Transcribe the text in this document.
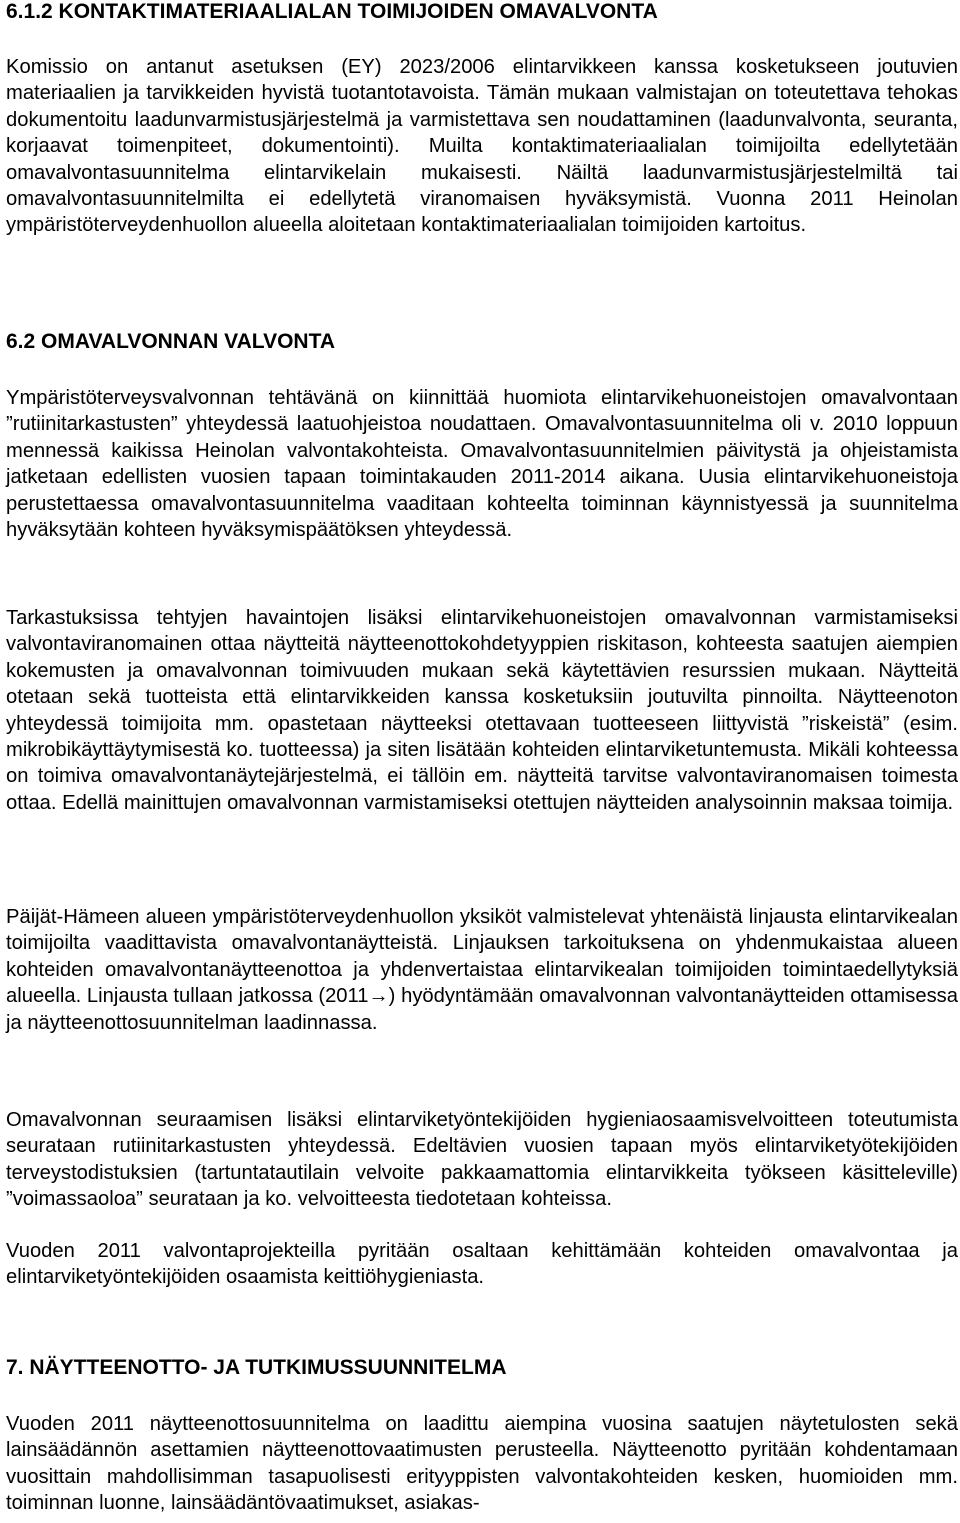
6.1.2 KONTAKTIMATERIAALIALAN TOIMIJOIDEN OMAVALVONTA

Komissio on antanut asetuksen (EY) 2023/2006 elintarvikkeen kanssa kosketukseen joutuvien materiaalien ja tarvikkeiden hyvistä tuotantotavoista. Tämän mukaan valmistajan on toteutettava tehokas dokumentoitu laadunvarmistusjärjestelmä ja varmistettava sen noudattaminen (laadunvalvonta, seuranta, korjaavat toimenpiteet, dokumentointi). Muilta kontaktimateriaalialan toimijoilta edellytetään omavalvontasuunnitelma elintarvikelain mukaisesti. Näiltä laadunvarmistusjärjestelmiltä tai omavalvontasuunnitelmilta ei edellytetä viranomaisen hyväksymistä. Vuonna 2011 Heinolan ympäristöterveydenhuollon alueella aloitetaan kontaktimateriaalialan toimijoiden kartoitus.

6.2 OMAVALVONNAN VALVONTA

Ympäristöterveysvalvonnan tehtävänä on kiinnittää huomiota elintarvikehuoneistojen omavalvontaan ”rutiinitarkastusten” yhteydessä laatuohjeistoa noudattaen. Omavalvontasuunnitelma oli v. 2010 loppuun mennessä kaikissa Heinolan valvontakohteista. Omavalvontasuunnitelmien päivitystä ja ohjeistamista jatketaan edellisten vuosien tapaan toimintakauden 2011-2014 aikana. Uusia elintarvikehuoneistoja perustettaessa omavalvontasuunnitelma vaaditaan kohteelta toiminnan käynnistyessä ja suunnitelma hyväksytään kohteen hyväksymispäätöksen yhteydessä.

Tarkastuksissa tehtyjen havaintojen lisäksi elintarvikehuoneistojen omavalvonnan varmistamiseksi valvontaviranomainen ottaa näytteitä näytteenottokohdetyyppien riskitason, kohteesta saatujen aiempien kokemusten ja omavalvonnan toimivuuden mukaan sekä käytettävien resurssien mukaan. Näytteitä otetaan sekä tuotteista että elintarvikkeiden kanssa kosketuksiin joutuvilta pinnoilta. Näytteenoton yhteydessä toimijoita mm. opastetaan näytteeksi otettavaan tuotteeseen liittyvistä ”riskeistä” (esim. mikrobikäyttäytymisestä ko. tuotteessa) ja siten lisätään kohteiden elintarviketuntemusta. Mikäli kohteessa on toimiva omavalvontanäytejärjestelmä, ei tällöin em. näytteitä tarvitse valvontaviranomaisen toimesta ottaa. Edellä mainittujen omavalvonnan varmistamiseksi otettujen näytteiden analysoinnin maksaa toimija.

Päijät-Hämeen alueen ympäristöterveydenhuollon yksiköt valmistelevat yhtenäistä linjausta elintarvikealan toimijoilta vaadittavista omavalvontanäytteistä. Linjauksen tarkoituksena on yhdenmukaistaa alueen kohteiden omavalvontanäytteenottoa ja yhdenvertaistaa elintarvikealan toimijoiden toimintaedellytyksiä alueella. Linjausta tullaan jatkossa (2011→) hyödyntämään omavalvonnan valvontanäytteiden ottamisessa ja näytteenottosuunnitelman laadinnassa.

Omavalvonnan seuraamisen lisäksi elintarviketyöntekijöiden hygieniaosaamisvelvoitteen toteutumista seurataan rutiinitarkastusten yhteydessä. Edeltävien vuosien tapaan myös elintarviketyötekijöiden terveystodistuksien (tartuntatautilain velvoite pakkaamattomia elintarvikkeita työkseen käsitteleville) ”voimassaoloa” seurataan ja ko. velvoitteesta tiedotetaan kohteissa.

Vuoden 2011 valvontaprojekteilla pyritään osaltaan kehittämään kohteiden omavalvontaa ja elintarviketyöntekijöiden osaamista keittiöhygieniasta.

7. NÄYTTEENOTTO- JA TUTKIMUSSUUNNITELMA

Vuoden 2011 näytteenottosuunnitelma on laadittu aiempina vuosina saatujen näytetulosten sekä lainsäädännön asettamien näytteenottovaatimusten perusteella. Näytteenotto pyritään kohdentamaan vuosittain mahdollisimman tasapuolisesti erityyppisten valvontakohteiden kesken, huomioiden mm. toiminnan luonne, lainsäädäntövaatimukset, asiakas-
